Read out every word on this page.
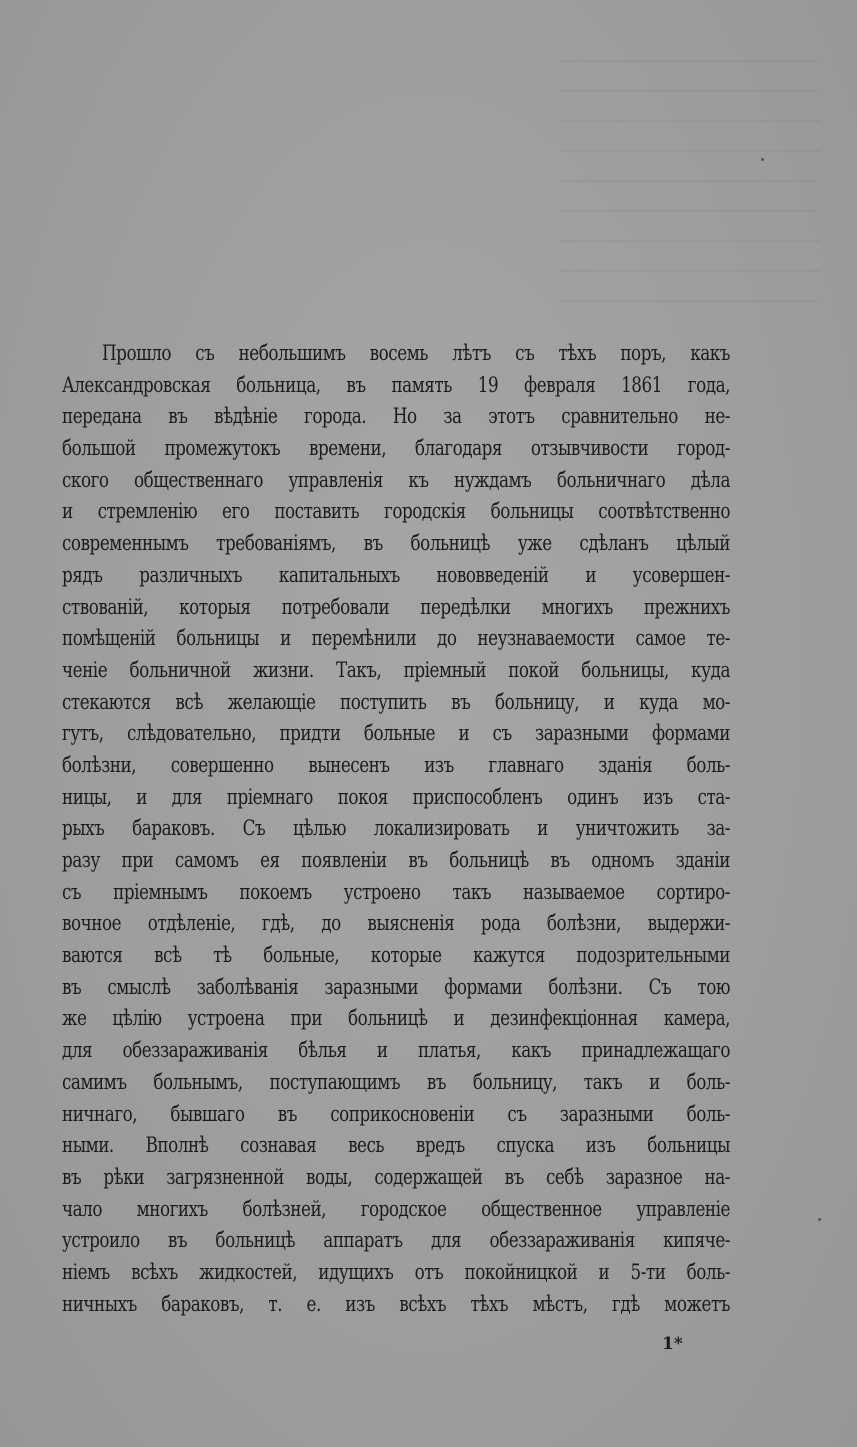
Прошло съ небольшимъ восемь лѣтъ съ тѣхъ поръ, какъ
Александровская больница, въ память 19 февраля 1861 года,
передана въ вѣдѣніе города. Но за этотъ сравнительно не-
большой промежутокъ времени, благодаря отзывчивости город-
ского общественнаго управленія къ нуждамъ больничнаго дѣла
и стремленію его поставить городскія больницы соотвѣтственно
современнымъ требованіямъ, въ больницѣ уже сдѣланъ цѣлый
рядъ различныхъ капитальныхъ нововведеній и усовершен-
ствованій, которыя потребовали передѣлки многихъ прежнихъ
помѣщеній больницы и перемѣнили до неузнаваемости самое те-
ченіе больничной жизни. Такъ, пріемный покой больницы, куда
стекаются всѣ желающіе поступить въ больницу, и куда мо-
гутъ, слѣдовательно, придти больные и съ заразными формами
болѣзни, совершенно вынесенъ изъ главнаго зданія боль-
ницы, и для пріемнаго покоя приспособленъ одинъ изъ ста-
рыхъ бараковъ. Съ цѣлью локализировать и уничтожить за-
разу при самомъ ея появленіи въ больницѣ въ одномъ зданіи
съ пріемнымъ покоемъ устроено такъ называемое сортиро-
вочное отдѣленіе, гдѣ, до выясненія рода болѣзни, выдержи-
ваются всѣ тѣ больные, которые кажутся подозрительными
въ смыслѣ заболѣванія заразными формами болѣзни. Съ тою
же цѣлію устроена при больницѣ и дезинфекціонная камера,
для обеззараживанія бѣлья и платья, какъ принадлежащаго
самимъ больнымъ, поступающимъ въ больницу, такъ и боль-
ничнаго, бывшаго въ соприкосновеніи съ заразными боль-
ными. Вполнѣ сознавая весь вредъ спуска изъ больницы
въ рѣки загрязненной воды, содержащей въ себѣ заразное на-
чало многихъ болѣзней, городское общественное управленіе
устроило въ больницѣ аппаратъ для обеззараживанія кипяче-
ніемъ всѣхъ жидкостей, идущихъ отъ покойницкой и 5-ти боль-
ничныхъ бараковъ, т. е. изъ всѣхъ тѣхъ мѣстъ, гдѣ можетъ
1*
